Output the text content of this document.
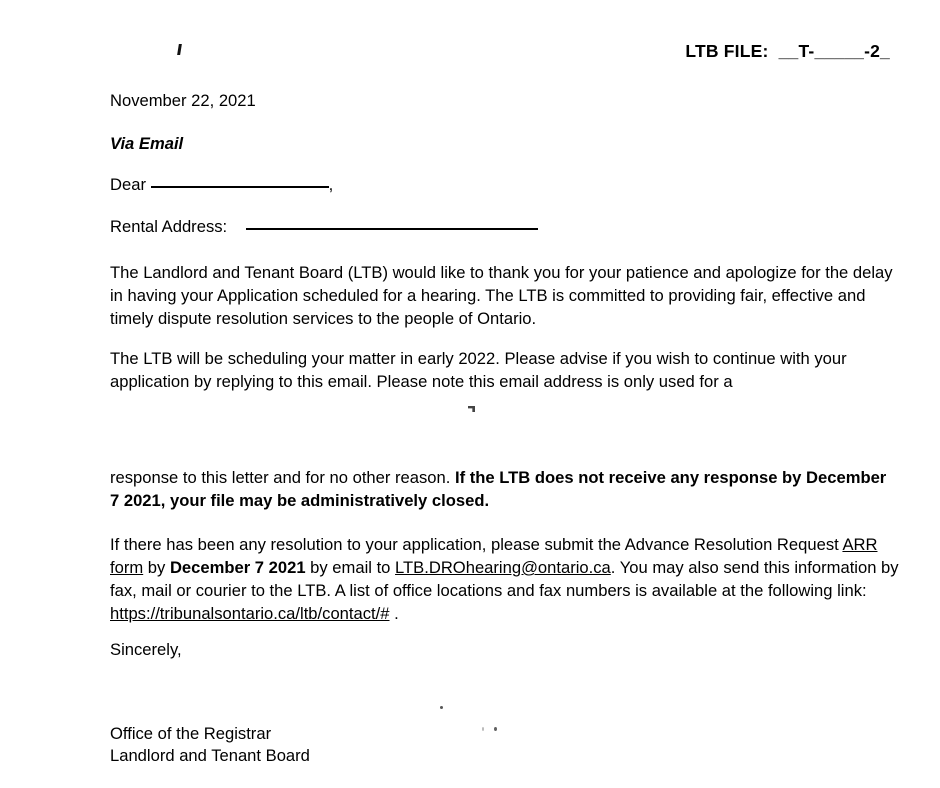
LTB FILE:  __T-_____-2_
November 22, 2021
Via Email
Dear	,
Rental Address:
The Landlord and Tenant Board (LTB) would like to thank you for your patience and apologize for the delay in having your Application scheduled for a hearing. The LTB is committed to providing fair, effective and timely dispute resolution services to the people of Ontario.
The LTB will be scheduling your matter in early 2022. Please advise if you wish to continue with your application by replying to this email. Please note this email address is only used for a
response to this letter and for no other reason. If the LTB does not receive any response by December 7 2021, your file may be administratively closed.
If there has been any resolution to your application, please submit the Advance Resolution Request ARR form by December 7 2021 by email to LTB.DROhearing@ontario.ca. You may also send this information by fax, mail or courier to the LTB. A list of office locations and fax numbers is available at the following link: https://tribunalsontario.ca/ltb/contact/# .
Sincerely,
Office of the Registrar
Landlord and Tenant Board
